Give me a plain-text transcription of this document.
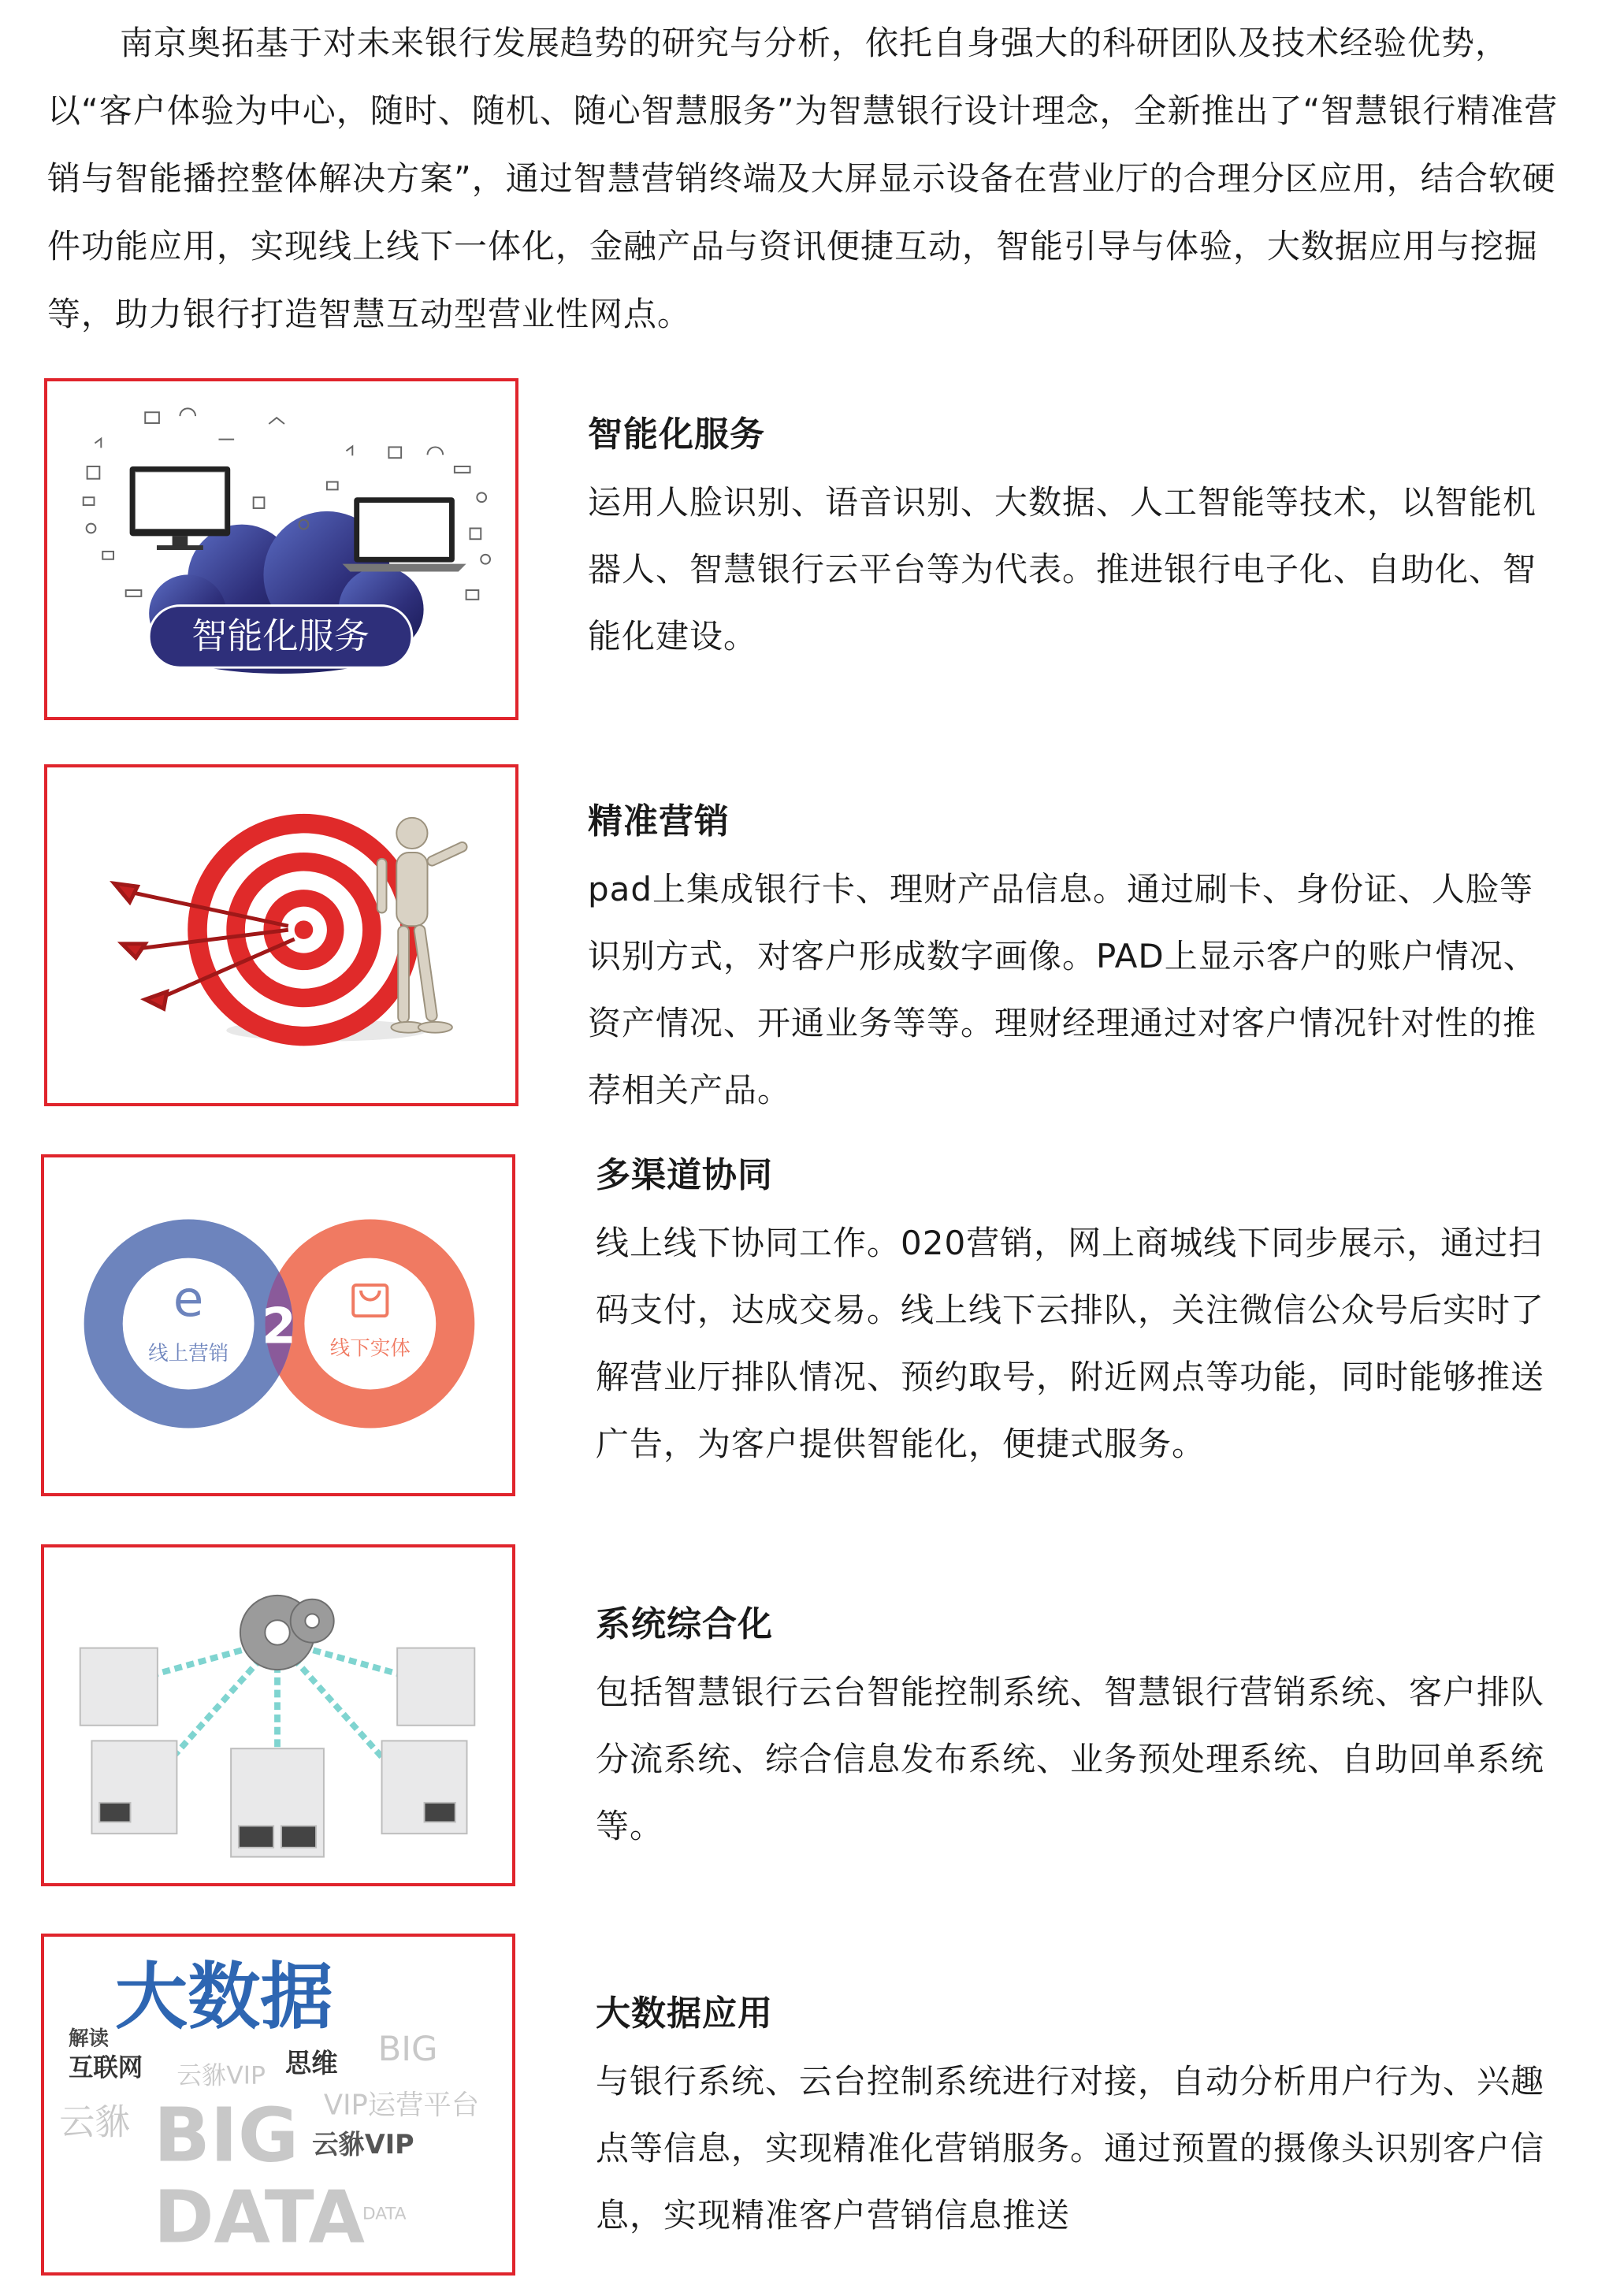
南京奥拓基于对未来银行发展趋势的研究与分析，依托自身强大的科研团队及技术经验优势，以“客户体验为中心，随时、随机、随心智慧服务”为智慧银行设计理念，全新推出了“智慧银行精准营销与智能播控整体解决方案”，通过智慧营销终端及大屏显示设备在营业厅的合理分区应用，结合软硬件功能应用，实现线上线下一体化，金融产品与资讯便捷互动，智能引导与体验，大数据应用与挖掘等，助力银行打造智慧互动型营业性网点。

智能化服务
智能化服务

运用人脸识别、语音识别、大数据、人工智能等技术，以智能机器人、智慧银行云平台等为代表。推进银行电子化、自助化、智能化建设。

精准营销

pad上集成银行卡、理财产品信息。通过刷卡、身份证、人脸等识别方式，对客户形成数字画像。PAD上显示客户的账户情况、资产情况、开通业务等等。理财经理通过对客户情况针对性的推荐相关产品。

e
线上营销	线下实体
2
多渠道协同

线上线下协同工作。020营销，网上商城线下同步展示，通过扫码支付，达成交易。线上线下云排队，关注微信公众号后实时了解营业厅排队情况、预约取号，附近网点等功能，同时能够推送广告，为客户提供智能化，便捷式服务。

系统综合化

包括智慧银行云台智能控制系统、智慧银行营销系统、客户排队分流系统、综合信息发布系统、业务预处理系统、自助回单系统等。

大数据
解读
互联网 云貅VIP 思维 BIG
VIP运营平台
云貅 BIG 云貅VIP
DATA
DATA
大数据应用

与银行系统、云台控制系统进行对接，自动分析用户行为、兴趣点等信息，实现精准化营销服务。通过预置的摄像头识别客户信息，实现精准客户营销信息推送
